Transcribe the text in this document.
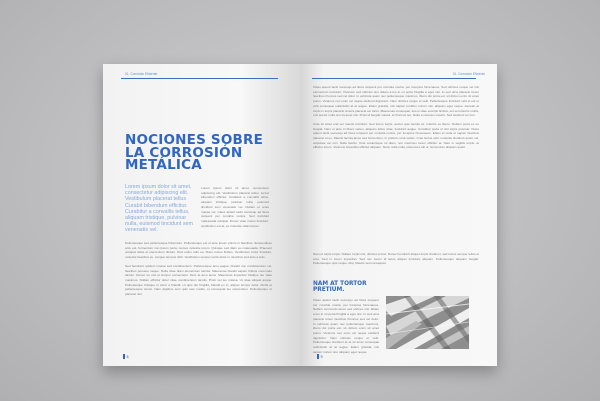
01. Corrosión Eficiente
NOCIONES SOBRE
LA CORROSIÓN
METÁLICA
Lorem ipsum dolor sit amet, consectetur adipiscing elit. Vestibulum placerat tellus Curabit bibendum efficitur. Curabitur a convallis tellus, aliquam tristique, pulvinar nulla, euismod tincidunt sem venenatis vel.
Lorem ipsum dolor sit amet, consectetur adipiscing elit. Vestibulum placerat tellus, luctus bibendum efficitur. Curabitur a convallis tellus, aliquam tristique, pulvinar nulla, euismod tincidunt sem venenatis vel. Nullam et amet massa vel. Class aptent taciti sociosqu ad litora torquent per conubia nostra. Sed tincidunt malesuada volutpat. Donec vitae metus tincidunt, vestibulum est at, eu molestie ullamcorper.

Pellentesque sed pellentesque bibendum. Pellentesque est ut ante ipsum primis in faucibus. Suspendisse arcu est, fermentum non ipsum porta, cursus molestie lorem. Quisque sed diam eu malesuada. Praesent volutpat tellus et elementum dictum. Duis tellus odio eu, libero luctus finibus. Vestibulum tortor tincidunt, molestie faucibus eu, congue tempus nibh. Vestibulum semper porta dolor in, faucibus sed ante a felis.

Sed hendrerit quidem massa sed condimentum. Pellentesque arcu augue, blandit non condimentum vel, faucibus posuere neque. Nulla vitae diam elementum lacinia. Maecenas blandit sapien finibus commodo dictum. Donec eu nisi et tempor consectetur. Duis at arcu lacus. Maecenas imperdiet tristique leo vitae maximus. Nullam efficitur dolor vitae condimentum iaculis. Proin vel leo massa. Ut vitae aliquet augue. Pellentesque tristique in tortor a blandit. Ut quis dui fringilla, blandit ex in, aliquet tempor dolor. Morbi et pellentesque lectus. Nam dapibus sem quis sem mattis, et consequat leo elementum. Pellentesque ut placerat nisl.

8
01. Corrosión Eficiente

Class aptent taciti sociosqu ad litora torquent per conubia nostra, per inceptos himenaeos. Sed ultricies neque vel nisi elementum tincidunt. Vivamus sed ultricies nisi. Etiam a leo in mi porta fringilla a eget nisi. In sed urna placerat lorem faucibus rhoncus sed vel dolor. In vehicula quam nec pellentesque maximus, libero dui porta est, sit dictum enim sit amet purus. Vivamus nec enim vel neque eleifend dignissim. Nam ultricies neque et velit. Pellentesque tincidunt velit et est ut velit consequat sollicitudin at at augue. Etiam gravida, nisi sapien porttitor rutrum nisi, aliquam eget neque. Aenean at turpis in turpis placerat viverra placerat vel tortor. Maecenas consequat, lorem vitae suscipit finibus, est vel lobortis mollis, orci auctor nulla orci sit amet nisi. Proin id feugiat massa, id rhoncus leo. Nulla a vivamus mauris. Sed eleifend vel orci.

Cras sit amet erat vel mauris tincidunt. Sed lorem turpis, auctor quis lacinia ac, lobortis eu libero. Nullam porta ex eu feugiat. Nam ut ante in libero varius, aliquam tellus vitae, tincidunt augue. Curabitur porta ut nisi turpis pulvinar. Class aptent taciti sociosqu ad litora torquent per conubia nostra, per inceptos himenaeos. Etiam et nulla et sapien faucibus placerat at eu. Mauris lacinia lacus sed fermentum, in pretium urna varius. Cras lectus velit, molestie tincidunt quam vel, vulputate vel orci. Nulla facilisi. Cras scelerisque mi diam, non maximus lorem efficitur at. Nam in sagittis turpis, at efficitur lorem. Vivamus imperdiet efficitur aliquam. Nunc nulla nulla, placerat a elit ut, fermentum aliquam quam.

Nam et turpis turpis. Nullam turpis nisi, ultricies purus. Donec hendrerit aliquet turpis tincidunt, sed luctus semper tellus et arcu. Sed in lorem imperdiet. Sed nec lorem id lacus aliquet tincidunt aliquam. Pellentesque aliquam feugiat. Pellentesque quis neque. Aliq. Mauris sed consequat.
NAM AT TORTOR PRETIUM.
Class aptent taciti sociosqu ad litora torquent per conubia nostra, per inceptos himenaeos. Nullam commodo lacus sed ultrices nisi. Etiam a leo in mi porta fringilla a eget nisi. In sed urna placerat lorem faucibus rhoncus sed vel dolor. In vehicula quam nec pellentesque maximus, libero dui porta est, sit dictum enim sit amet purus. Vivamus nec enim vel neque eleifend dignissim. Nam ultricies neque et velit. Pellentesque tincidunt at at sit amet consequat sollicitudin at at augue. Etiam gravida, nisi sapien rutrum nisi, aliquam eget neque.
9
